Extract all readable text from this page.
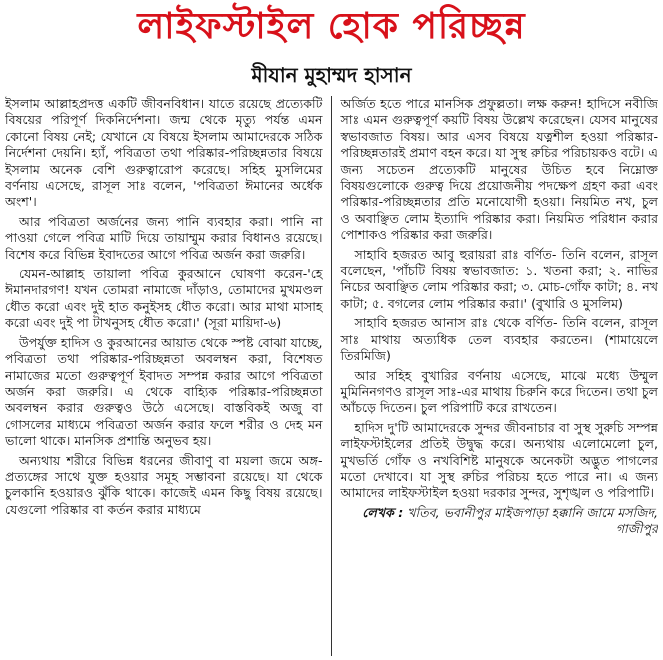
লাইফস্টাইল হোক পরিচ্ছন্ন
মীযান মুহাম্মদ হাসান

ইসলাম আল্লাহপ্রদত্ত একটি জীবনবিধান। যাতে রয়েছে প্রত্যেকটি বিষয়ের পরিপূর্ণ দিকনির্দেশনা। জন্ম থেকে মৃত্যু পর্যন্ত এমন কোনো বিষয় নেই; যেখানে যে বিষয়ে ইসলাম আমাদেরকে সঠিক নির্দেশনা দেয়নি। হ্যাঁ, পবিত্রতা তথা পরিষ্কার-পরিচ্ছন্নতার বিষয়ে ইসলাম অনেক বেশি গুরুত্বারোপ করেছে। সহিহ মুসলিমের বর্ণনায় এসেছে, রাসূল সাঃ বলেন, 'পবিত্রতা ঈমানের অর্ধেক অংশ'।

আর পবিত্রতা অর্জনের জন্য পানি ব্যবহার করা। পানি না পাওয়া গেলে পবিত্র মাটি দিয়ে তায়াম্মুম করার বিধানও রয়েছে। বিশেষ করে বিভিন্ন ইবাদতের আগে পবিত্র অর্জন করা জরুরি।

যেমন-আল্লাহ তায়ালা পবিত্র কুরআনে ঘোষণা করেন-'হে ঈমানদারগণ! যখন তোমরা নামাজে দাঁড়াও, তোমাদের মুখমণ্ডল ধৌত করো এবং দুই হাত কনুইসহ ধৌত করো। আর মাথা মাসাহ করো এবং দুই পা টাখনুসহ ধৌত করো।' (সূরা মায়িদা-৬)

উপর্যুক্ত হাদিস ও কুরআনের আয়াত থেকে স্পষ্ট বোঝা যাচ্ছে, পবিত্রতা তথা পরিষ্কার-পরিচ্ছন্নতা অবলম্বন করা, বিশেষত নামাজের মতো গুরুত্বপূর্ণ ইবাদত সম্পন্ন করার আগে পবিত্রতা অর্জন করা জরুরি। এ থেকে বাহ্যিক পরিষ্কার-পরিচ্ছন্নতা অবলম্বন করার গুরুত্বও উঠে এসেছে। বাস্তবিকই অজু বা গোসলের মাধ্যমে পবিত্রতা অর্জন করার ফলে শরীর ও দেহ মন ভালো থাকে। মানসিক প্রশান্তি অনুভব হয়।

অন্যথায় শরীরে বিভিন্ন ধরনের জীবাণু বা ময়লা জমে অঙ্গ-প্রত্যঙ্গের সাথে যুক্ত হওয়ার সমূহ সম্ভাবনা রয়েছে। যা থেকে চুলকানি হওয়ারও ঝুঁকি থাকে। কাজেই এমন কিছু বিষয় রয়েছে। যেগুলো পরিষ্কার বা কর্তন করার মাধ্যমে

অর্জিত হতে পারে মানসিক প্রফুল্লতা। লক্ষ করুন! হাদিসে নবীজি সাঃ এমন গুরুত্বপূর্ণ কয়টি বিষয় উল্লেখ করেছেন। যেসব মানুষের স্বভাবজাত বিষয়। আর এসব বিষয়ে যত্নশীল হওয়া পরিষ্কার-পরিচ্ছন্নতারই প্রমাণ বহন করে। যা সুস্থ রুচির পরিচায়কও বটে। এ জন্য সচেতন প্রত্যেকটি মানুষের উচিত হবে নিম্নোক্ত বিষয়গুলোকে গুরুত্ব দিয়ে প্রয়োজনীয় পদক্ষেপ গ্রহণ করা এবং পরিষ্কার-পরিচ্ছন্নতার প্রতি মনোযোগী হওয়া। নিয়মিত নখ, চুল ও অবাঞ্ছিত লোম ইত্যাদি পরিষ্কার করা। নিয়মিত পরিধান করার পোশাকও পরিষ্কার করা জরুরি।

সাহাবি হজরত আবু হুরায়রা রাঃ বর্ণিত- তিনি বলেন, রাসূল বলেছেন, 'পাঁচটি বিষয় স্বভাবজাত: ১. খতনা করা; ২. নাভির নিচের অবাঞ্ছিত লোম পরিষ্কার করা; ৩. মোচ-গোঁফ কাটা; ৪. নখ কাটা; ৫. বগলের লোম পরিষ্কার করা।' (বুখারি ও মুসলিম)

সাহাবি হজরত আনাস রাঃ থেকে বর্ণিত- তিনি বলেন, রাসূল সাঃ মাথায় অত্যধিক তেল ব্যবহার করতেন। (শামায়েলে তিরমিজি)

আর সহিহ বুখারির বর্ণনায় এসেছে, মাঝে মধ্যে উম্মুল মুমিনিনগণও রাসূল সাঃ-এর মাথায় চিরুনি করে দিতেন। তথা চুল আঁচড়ে দিতেন। চুল পরিপাটি করে রাখতেন।

হাদিস দু'টি আমাদেরকে সুন্দর জীবনাচার বা সুস্থ সুরুচি সম্পন্ন লাইফস্টাইলের প্রতিই উদ্বুদ্ধ করে। অন্যথায় এলোমেলো চুল, মুখভর্তি গোঁফ ও নখবিশিষ্ট মানুষকে অনেকটা অদ্ভুত পাগলের মতো দেখাবে। যা সুস্থ রুচির পরিচয় হতে পারে না। এ জন্য আমাদের লাইফস্টাইল হওয়া দরকার সুন্দর, সুশৃঙ্খল ও পরিপাটি।

লেখক : খতিব, ভবানীপুর মাইজপাড়া হক্কানি জামে মসজিদ, গাজীপুর
